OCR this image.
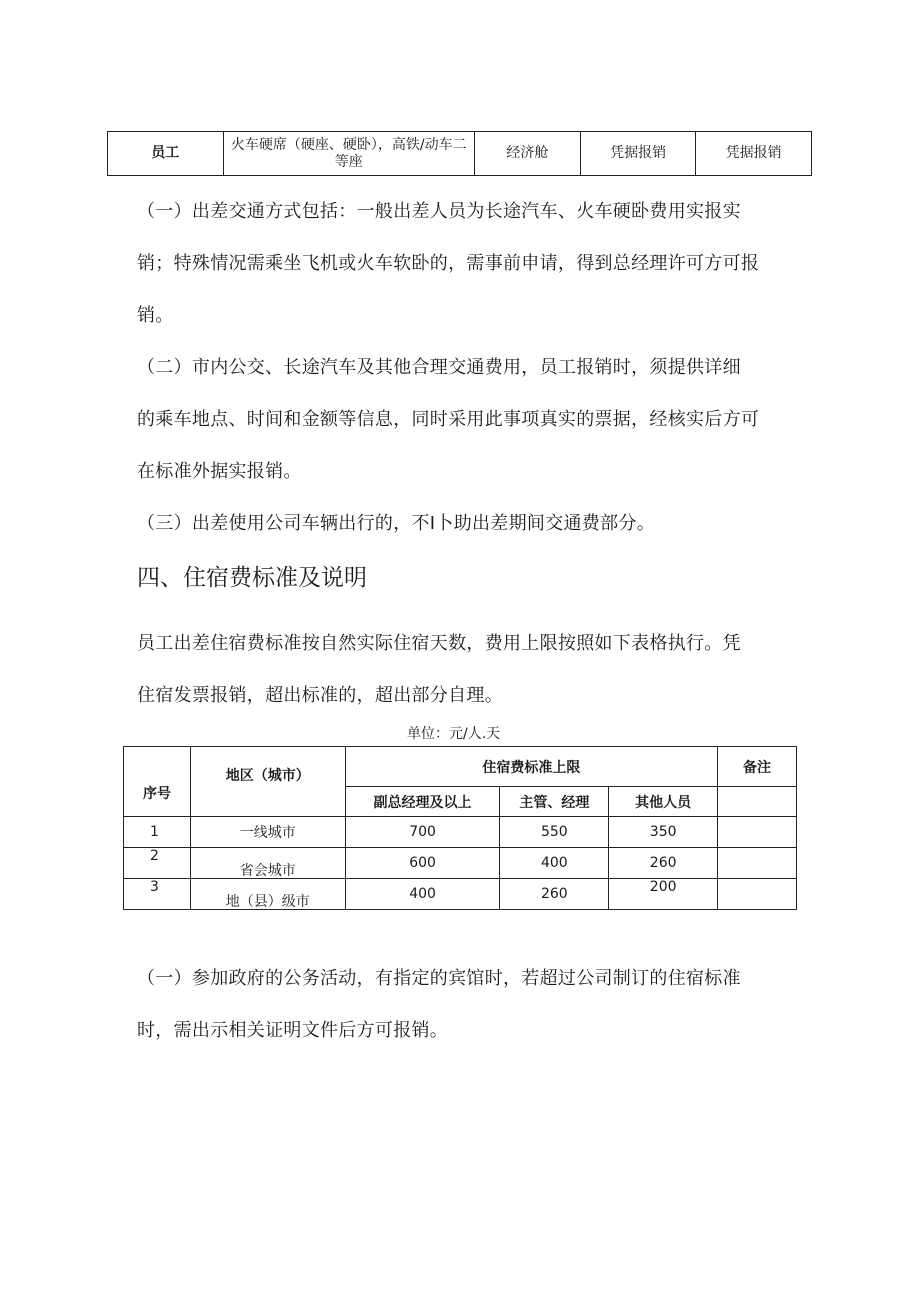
员工	火车硬席（硬座、硬卧），高铁/动车二等座	经济舱	凭据报销	凭据报销

（一）出差交通方式包括：一般出差人员为长途汽车、火车硬卧费用实报实
销；特殊情况需乘坐飞机或火车软卧的，需事前申请，得到总经理许可方可报
销。

（二）市内公交、长途汽车及其他合理交通费用，员工报销时，须提供详细
的乘车地点、时间和金额等信息，同时采用此事项真实的票据，经核实后方可
在标准外据实报销。

（三）出差使用公司车辆出行的，不Ⅰ卜助出差期间交通费部分。

四、住宿费标准及说明
员工出差住宿费标准按自然实际住宿天数，费用上限按照如下表格执行。凭
住宿发票报销，超出标准的，超出部分自理。
单位：元/人.天
序号	地区（城市）	住宿费标准上限			备注
		副总经理及以上	主管、经理	其他人员	

1	一线城市	700	550	350	

2	省会城市	600	400	260	

3	地（县）级市	400	260	200	
（一）参加政府的公务活动，有指定的宾馆时，若超过公司制订的住宿标准
时，需出示相关证明文件后方可报销。
